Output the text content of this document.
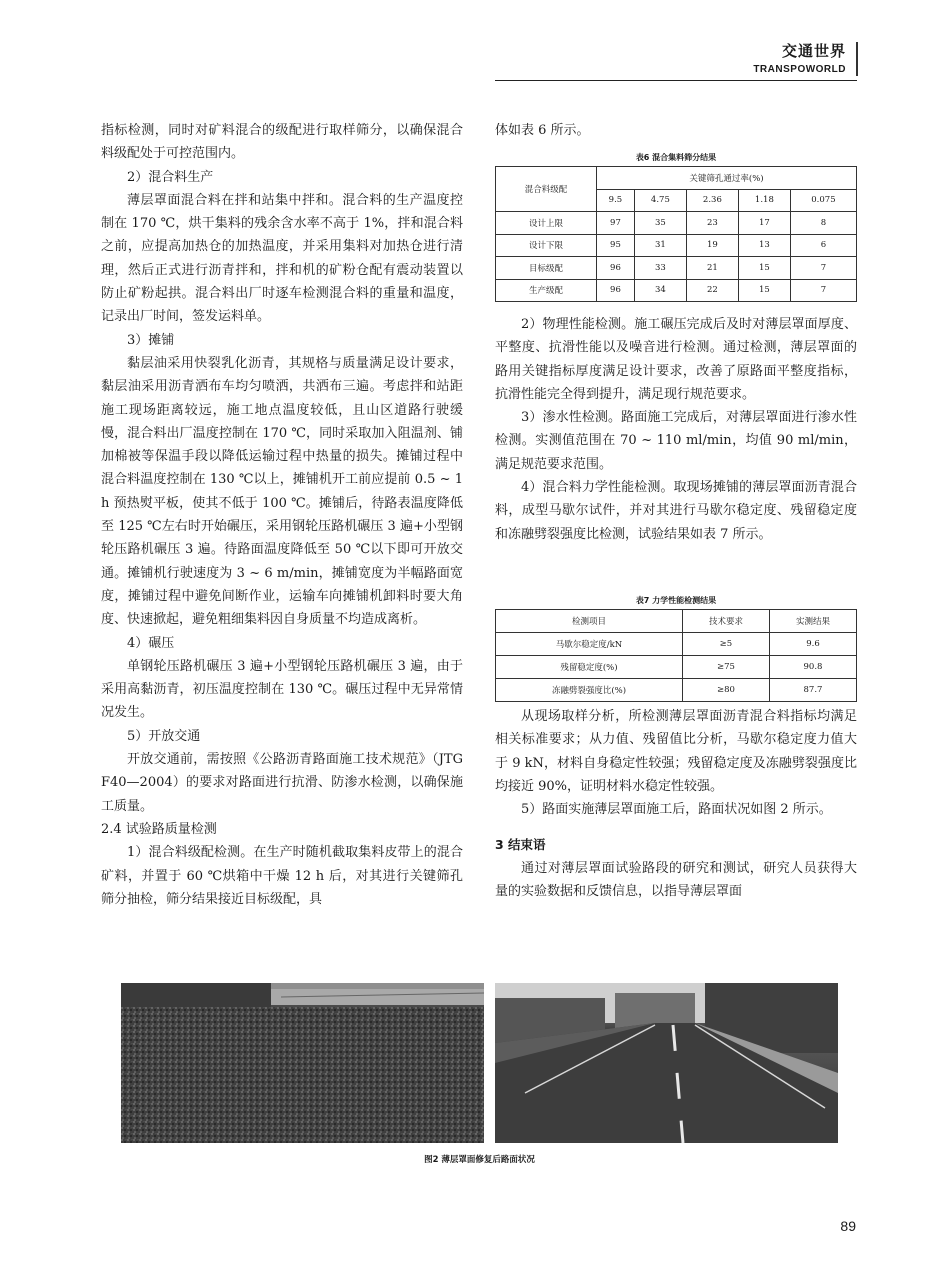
交通世界
TRANSPOWORLD

指标检测，同时对矿料混合的级配进行取样筛分，以确保混合料级配处于可控范围内。

2）混合料生产

薄层罩面混合料在拌和站集中拌和。混合料的生产温度控制在 170 ℃，烘干集料的残余含水率不高于 1%，拌和混合料之前，应提高加热仓的加热温度，并采用集料对加热仓进行清理，然后正式进行沥青拌和，拌和机的矿粉仓配有震动装置以防止矿粉起拱。混合料出厂时逐车检测混合料的重量和温度，记录出厂时间，签发运料单。

3）摊铺

黏层油采用快裂乳化沥青，其规格与质量满足设计要求，黏层油采用沥青洒布车均匀喷洒，共洒布三遍。考虑拌和站距施工现场距离较远，施工地点温度较低，且山区道路行驶缓慢，混合料出厂温度控制在 170 ℃，同时采取加入阻温剂、铺加棉被等保温手段以降低运输过程中热量的损失。摊铺过程中混合料温度控制在 130 ℃以上，摊铺机开工前应提前 0.5 ~ 1 h 预热熨平板，使其不低于 100 ℃。摊铺后，待路表温度降低至 125 ℃左右时开始碾压，采用钢轮压路机碾压 3 遍+小型钢轮压路机碾压 3 遍。待路面温度降低至 50 ℃以下即可开放交通。摊铺机行驶速度为 3 ~ 6 m/min，摊铺宽度为半幅路面宽度，摊铺过程中避免间断作业，运输车向摊铺机卸料时要大角度、快速掀起，避免粗细集料因自身质量不均造成离析。

4）碾压

单钢轮压路机碾压 3 遍+小型钢轮压路机碾压 3 遍，由于采用高黏沥青，初压温度控制在 130 ℃。碾压过程中无异常情况发生。

5）开放交通

开放交通前，需按照《公路沥青路面施工技术规范》（JTG F40—2004）的要求对路面进行抗滑、防渗水检测，以确保施工质量。

2.4 试验路质量检测

1）混合料级配检测。在生产时随机截取集料皮带上的混合矿料，并置于 60 ℃烘箱中干燥 12 h 后，对其进行关键筛孔筛分抽检，筛分结果接近目标级配，具

体如表 6 所示。

表6 混合集料筛分结果
混合料级配	关键筛孔通过率(%)				
	9.5	4.75	2.36	1.18	0.075
设计上限	97	35	23	17	8
设计下限	95	31	19	13	6
目标级配	96	33	21	15	7
生产级配	96	34	22	15	7

2）物理性能检测。施工碾压完成后及时对薄层罩面厚度、平整度、抗滑性能以及噪音进行检测。通过检测，薄层罩面的路用关键指标厚度满足设计要求，改善了原路面平整度指标，抗滑性能完全得到提升，满足现行规范要求。

3）渗水性检测。路面施工完成后，对薄层罩面进行渗水性检测。实测值范围在 70 ~ 110 ml/min，均值 90 ml/min，满足规范要求范围。

4）混合料力学性能检测。取现场摊铺的薄层罩面沥青混合料，成型马歇尔试件，并对其进行马歇尔稳定度、残留稳定度和冻融劈裂强度比检测，试验结果如表 7 所示。

表7 力学性能检测结果
检测项目	技术要求	实测结果
马歇尔稳定度/kN	≥5	9.6
残留稳定度(%)	≥75	90.8
冻融劈裂强度比(%)	≥80	87.7

从现场取样分析，所检测薄层罩面沥青混合料指标均满足相关标准要求；从力值、残留值比分析，马歇尔稳定度力值大于 9 kN，材料自身稳定性较强；残留稳定度及冻融劈裂强度比均接近 90%，证明材料水稳定性较强。

5）路面实施薄层罩面施工后，路面状况如图 2 所示。

3 结束语

通过对薄层罩面试验路段的研究和测试，研究人员获得大量的实验数据和反馈信息，以指导薄层罩面

图2 薄层罩面修复后路面状况
89
